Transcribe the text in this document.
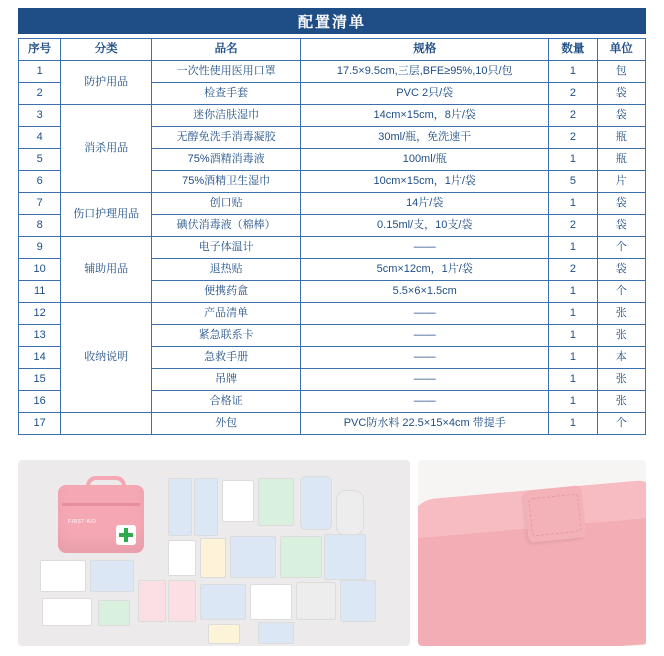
配置清单
序号	分类	品名	规格	数量	单位
1	防护用品	一次性使用医用口罩	17.5×9.5cm,三层,BFE≥95%,10只/包	1	包
2		检查手套	PVC 2只/袋	2	袋
3	消杀用品	迷你洁肤湿巾	14cm×15cm，8片/袋	2	袋
4		无醇免洗手消毒凝胶	30ml/瓶，免洗速干	2	瓶
5		75%酒精消毒液	100ml/瓶	1	瓶
6		75%酒精卫生湿巾	10cm×15cm，1片/袋	5	片
7	伤口护理用品	创口贴	14片/袋	1	袋
8		碘伏消毒液（棉棒）	0.15ml/支，10支/袋	2	袋
9	辅助用品	电子体温计	——	1	个
10		退热贴	5cm×12cm，1片/袋	2	袋
11		便携药盒	5.5×6×1.5cm	1	个
12	收纳说明	产品清单	——	1	张
13		紧急联系卡	——	1	张
14		急救手册	——	1	本
15		吊牌	——	1	张
16		合格证	——	1	张
17		外包	PVC防水料 22.5×15×4cm 带提手	1	个
FIRST AID
